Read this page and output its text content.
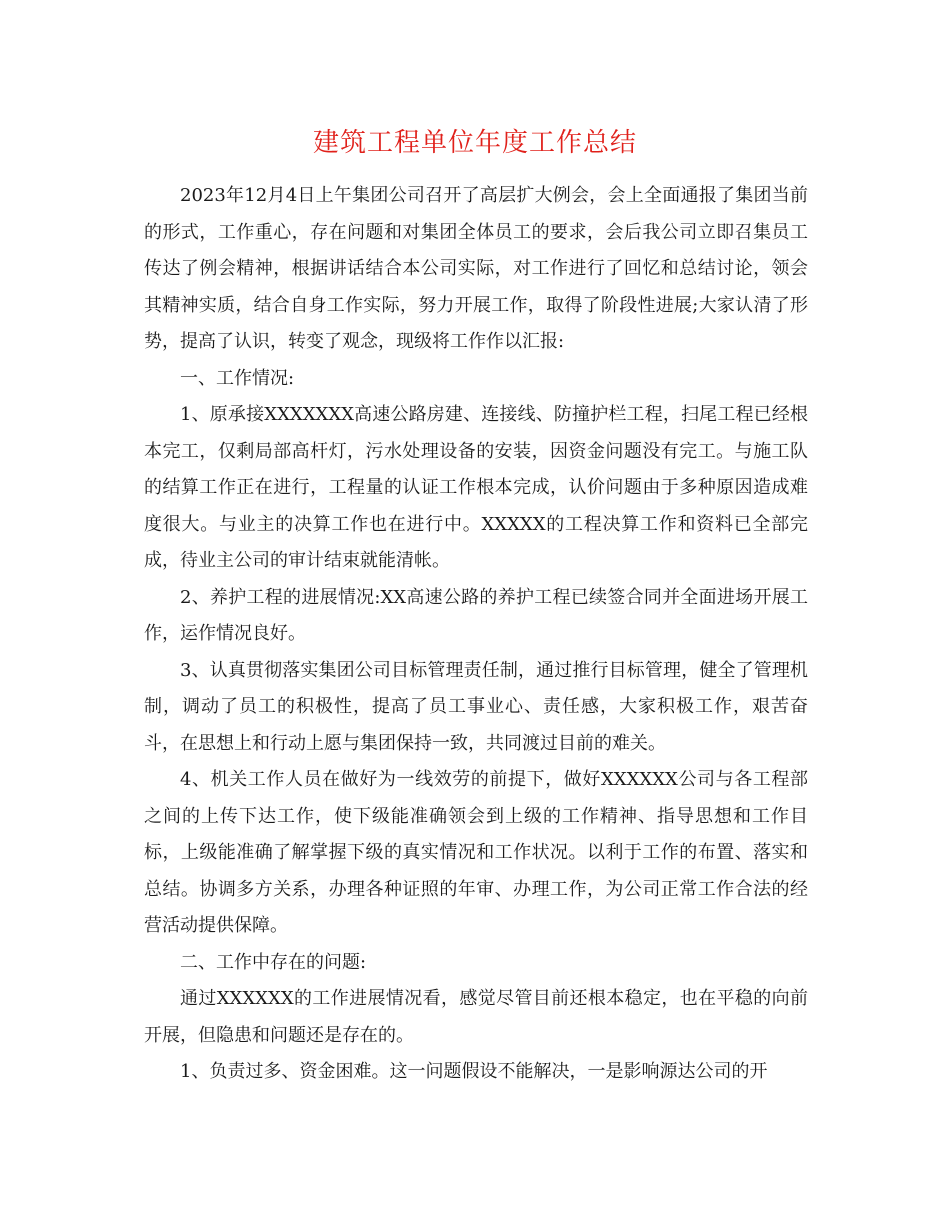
建筑工程单位年度工作总结

2023年12月4日上午集团公司召开了高层扩大例会，会上全面通报了集团当前的形式，工作重心，存在问题和对集团全体员工的要求，会后我公司立即召集员工传达了例会精神，根据讲话结合本公司实际，对工作进行了回忆和总结讨论，领会其精神实质，结合自身工作实际，努力开展工作，取得了阶段性进展;大家认清了形势，提高了认识，转变了观念，现级将工作作以汇报:

一、工作情况:

1、原承接XXXXXXX高速公路房建、连接线、防撞护栏工程，扫尾工程已经根本完工，仅剩局部高杆灯，污水处理设备的安装，因资金问题没有完工。与施工队的结算工作正在进行，工程量的认证工作根本完成，认价问题由于多种原因造成难度很大。与业主的决算工作也在进行中。XXXXX的工程决算工作和资料已全部完成，待业主公司的审计结束就能清帐。

2、养护工程的进展情况:XX高速公路的养护工程已续签合同并全面进场开展工作，运作情况良好。

3、认真贯彻落实集团公司目标管理责任制，通过推行目标管理，健全了管理机制，调动了员工的积极性，提高了员工事业心、责任感，大家积极工作，艰苦奋斗，在思想上和行动上愿与集团保持一致，共同渡过目前的难关。

4、机关工作人员在做好为一线效劳的前提下，做好XXXXXX公司与各工程部之间的上传下达工作，使下级能准确领会到上级的工作精神、指导思想和工作目标，上级能准确了解掌握下级的真实情况和工作状况。以利于工作的布置、落实和总结。协调多方关系，办理各种证照的年审、办理工作，为公司正常工作合法的经营活动提供保障。

二、工作中存在的问题:

通过XXXXXX的工作进展情况看，感觉尽管目前还根本稳定，也在平稳的向前开展，但隐患和问题还是存在的。

1、负责过多、资金困难。这一问题假设不能解决，一是影响源达公司的开
